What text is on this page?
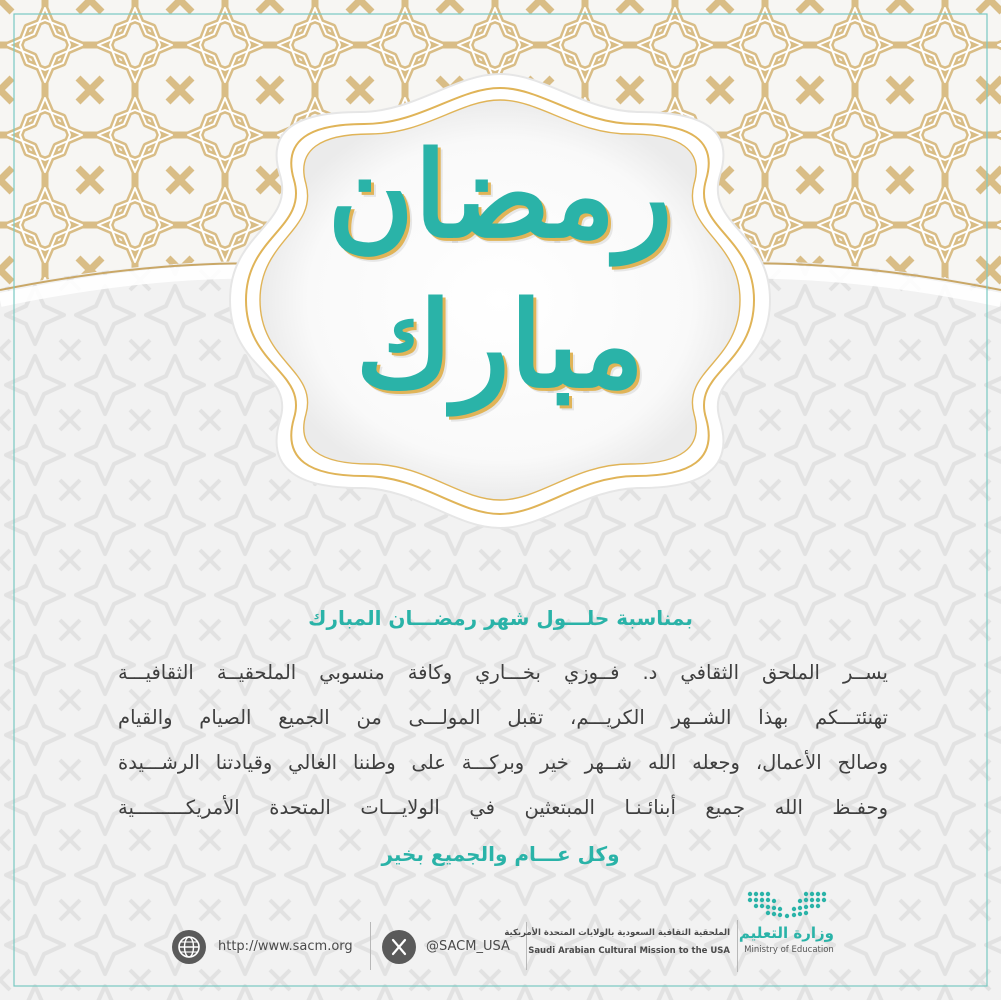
رمضان
مبارك
بمناسبة حلـــول شهر رمضـــان المبارك

يســر الملحق الثقافي د. فــوزي بخـــاري وكافة منسوبي الملحقيــة الثقافيـــة

تهنئتـــكم بهذا الشــهر الكريـــم، تقبل المولـــى من الجميع الصيام والقيام

وصالح الأعمال، وجعله الله شــهر خير وبركـــة على وطننا الغالي وقيادتنا الرشـــيدة

وحفـظ الله جميع أبنائـنـا المبتعثين في الولايـــات المتحدة الأمريكـــــــــية

وكل عـــام والجميع بخير
http://www.sacm.org	@SACM_USA
الملحقية الثقافية السعودية بالولايات المتحدة الأمريكية
Saudi Arabian Cultural Mission to the USA
وزارة التعليم
Ministry of Education
